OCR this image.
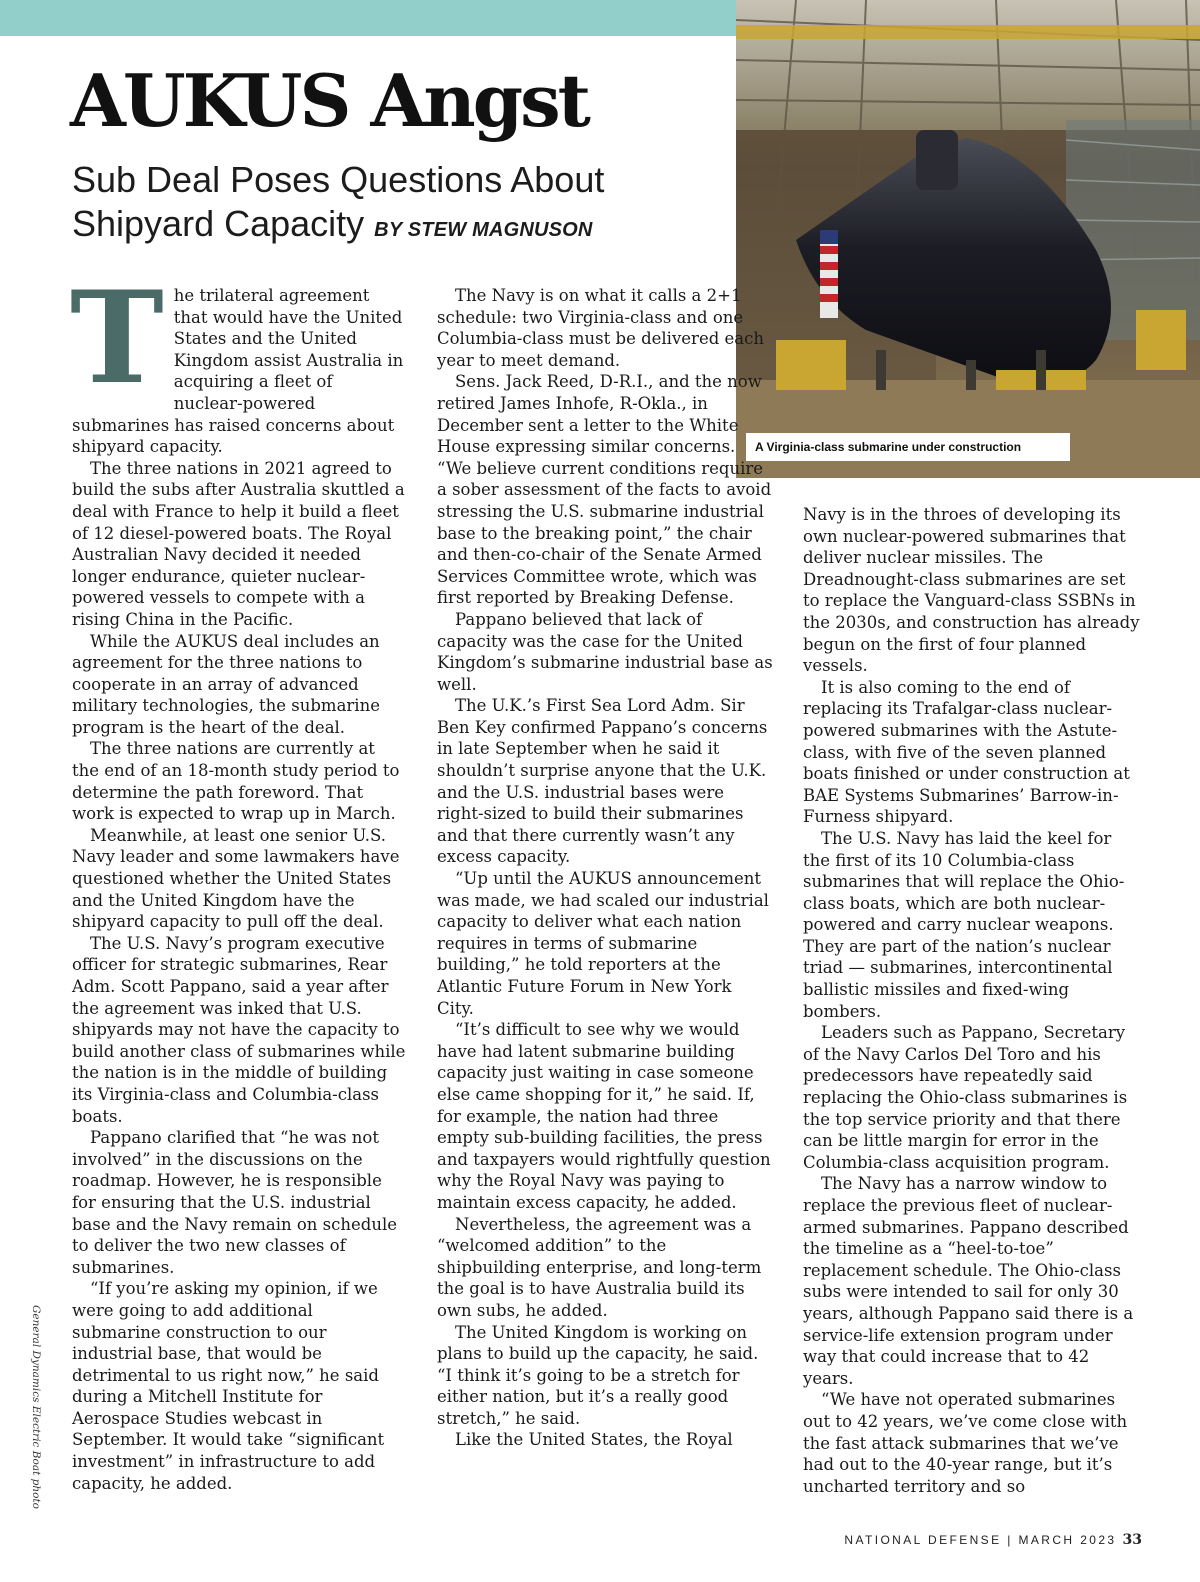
A Virginia-class submarine under construction
AUKUS Angst
Sub Deal Poses Questions About Shipyard Capacity BY STEW MAGNUSON
T he trilateral agreement that would have the United States and the United Kingdom assist Australia in acquiring a fleet of nuclear-powered submarines has raised concerns about shipyard capacity.

The three nations in 2021 agreed to build the subs after Australia skuttled a deal with France to help it build a fleet of 12 diesel-powered boats. The Royal Australian Navy decided it needed longer endurance, quieter nuclear-powered vessels to compete with a rising China in the Pacific.

While the AUKUS deal includes an agreement for the three nations to cooperate in an array of advanced military technologies, the submarine program is the heart of the deal.

The three nations are currently at the end of an 18-month study period to determine the path foreword. That work is expected to wrap up in March.

Meanwhile, at least one senior U.S. Navy leader and some lawmakers have questioned whether the United States and the United Kingdom have the shipyard capacity to pull off the deal.

The U.S. Navy’s program executive officer for strategic submarines, Rear Adm. Scott Pappano, said a year after the agreement was inked that U.S. shipyards may not have the capacity to build another class of submarines while the nation is in the middle of building its Virginia-class and Columbia-class boats.

Pappano clarified that “he was not involved” in the discussions on the roadmap. However, he is responsible for ensuring that the U.S. industrial base and the Navy remain on schedule to deliver the two new classes of submarines.

“If you’re asking my opinion, if we were going to add additional submarine construction to our industrial base, that would be detrimental to us right now,” he said during a Mitchell Institute for Aerospace Studies webcast in September. It would take “significant investment” in infrastructure to add capacity, he added.

The Navy is on what it calls a 2+1 schedule: two Virginia-class and one Columbia-class must be delivered each year to meet demand.

Sens. Jack Reed, D-R.I., and the now retired James Inhofe, R-Okla., in December sent a letter to the White House expressing similar concerns. “We believe current conditions require a sober assessment of the facts to avoid stressing the U.S. submarine industrial base to the breaking point,” the chair and then-co-chair of the Senate Armed Services Committee wrote, which was first reported by Breaking Defense.

Pappano believed that lack of capacity was the case for the United Kingdom’s submarine industrial base as well.

The U.K.’s First Sea Lord Adm. Sir Ben Key confirmed Pappano’s concerns in late September when he said it shouldn’t surprise anyone that the U.K. and the U.S. industrial bases were right-sized to build their submarines and that there currently wasn’t any excess capacity.

“Up until the AUKUS announcement was made, we had scaled our industrial capacity to deliver what each nation requires in terms of submarine building,” he told reporters at the Atlantic Future Forum in New York City.

“It’s difficult to see why we would have had latent submarine building capacity just waiting in case someone else came shopping for it,” he said. If, for example, the nation had three empty sub-building facilities, the press and taxpayers would rightfully question why the Royal Navy was paying to maintain excess capacity, he added.

Nevertheless, the agreement was a “welcomed addition” to the shipbuilding enterprise, and long-term the goal is to have Australia build its own subs, he added.

The United Kingdom is working on plans to build up the capacity, he said. “I think it’s going to be a stretch for either nation, but it’s a really good stretch,” he said.

Like the United States, the Royal

Navy is in the throes of developing its own nuclear-powered submarines that deliver nuclear missiles. The Dreadnought-class submarines are set to replace the Vanguard-class SSBNs in the 2030s, and construction has already begun on the first of four planned vessels.

It is also coming to the end of replacing its Trafalgar-class nuclear-powered submarines with the Astute-class, with five of the seven planned boats finished or under construction at BAE Systems Submarines’ Barrow-in-Furness shipyard.

The U.S. Navy has laid the keel for the first of its 10 Columbia-class submarines that will replace the Ohio-class boats, which are both nuclear-powered and carry nuclear weapons. They are part of the nation’s nuclear triad — submarines, intercontinental ballistic missiles and fixed-wing bombers.

Leaders such as Pappano, Secretary of the Navy Carlos Del Toro and his predecessors have repeatedly said replacing the Ohio-class submarines is the top service priority and that there can be little margin for error in the Columbia-class acquisition program.

The Navy has a narrow window to replace the previous fleet of nuclear-armed submarines. Pappano described the timeline as a “heel-to-toe” replacement schedule. The Ohio-class subs were intended to sail for only 30 years, although Pappano said there is a service-life extension program under way that could increase that to 42 years.

“We have not operated submarines out to 42 years, we’ve come close with the fast attack submarines that we’ve had out to the 40-year range, but it’s uncharted territory and so

General Dynamics Electric Boat photo
NATIONAL DEFENSE | MARCH 2023 33
